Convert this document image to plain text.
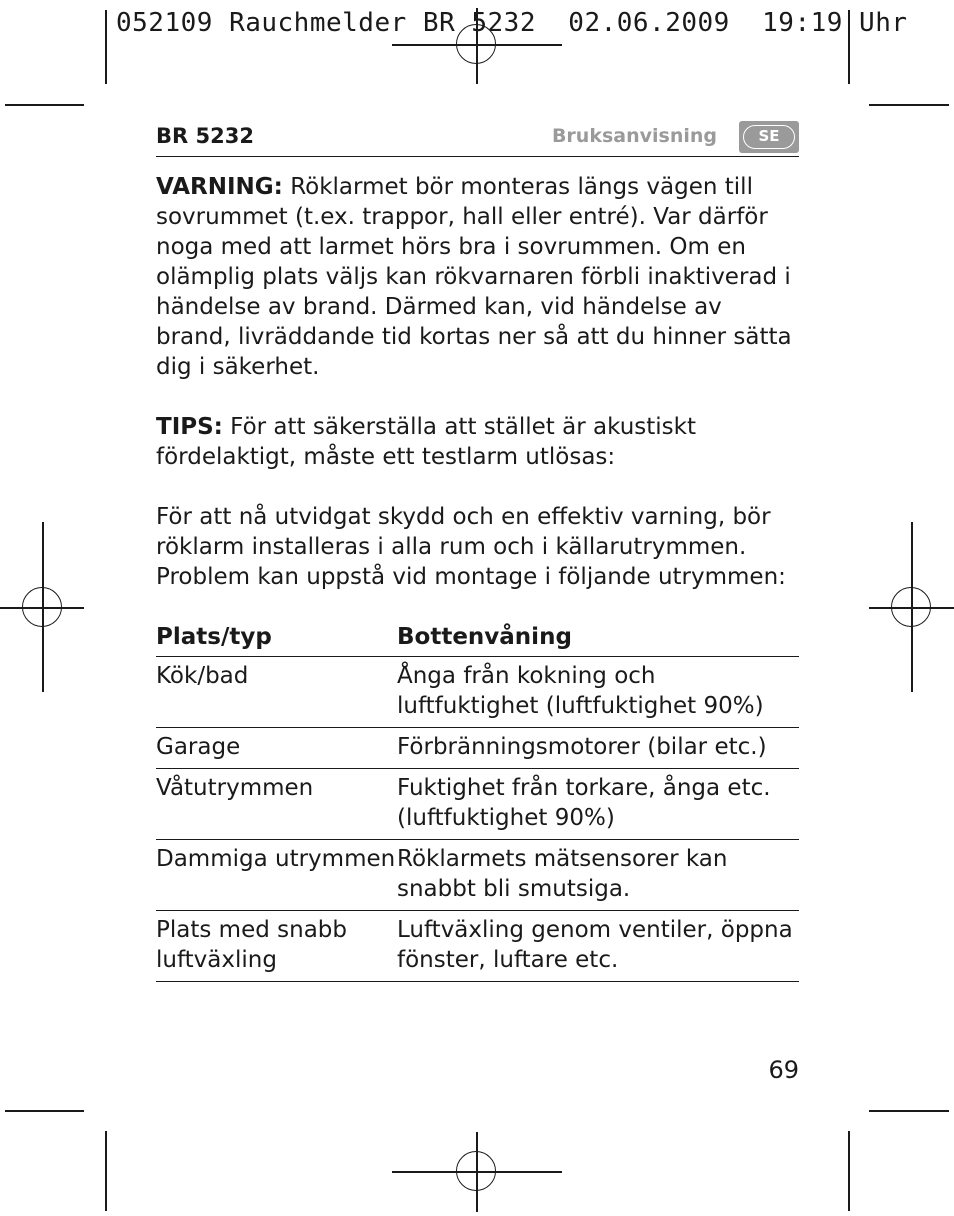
052109 Rauchmelder BR 5232  02.06.2009  19:19 Uhr
BR 5232	Bruksanvisning	SE

VARNING: Röklarmet bör monteras längs vägen till sovrummet (t.ex. trappor, hall eller entré). Var därför noga med att larmet hörs bra i sovrummen. Om en olämplig plats väljs kan rökvarnaren förbli inaktiverad i händelse av brand. Därmed kan, vid händelse av brand, livräddande tid kortas ner så att du hinner sätta dig i säkerhet.

TIPS: För att säkerställa att stället är akustiskt fördelaktigt, måste ett testlarm utlösas:

För att nå utvidgat skydd och en effektiv varning, bör röklarm installeras i alla rum och i källarutrymmen. Problem kan uppstå vid montage i följande utrymmen:

Plats/typ	Bottenvåning
Kök/bad	Ånga från kokning och luftfuktighet (luftfuktighet 90%)
Garage	Förbränningsmotorer (bilar etc.)
Våtutrymmen	Fuktighet från torkare, ånga etc. (luftfuktighet 90%)
Dammiga utrymmen	Röklarmets mätsensorer kan snabbt bli smutsiga.
Plats med snabb luftväxling	Luftväxling genom ventiler, öppna fönster, luftare etc.
69
